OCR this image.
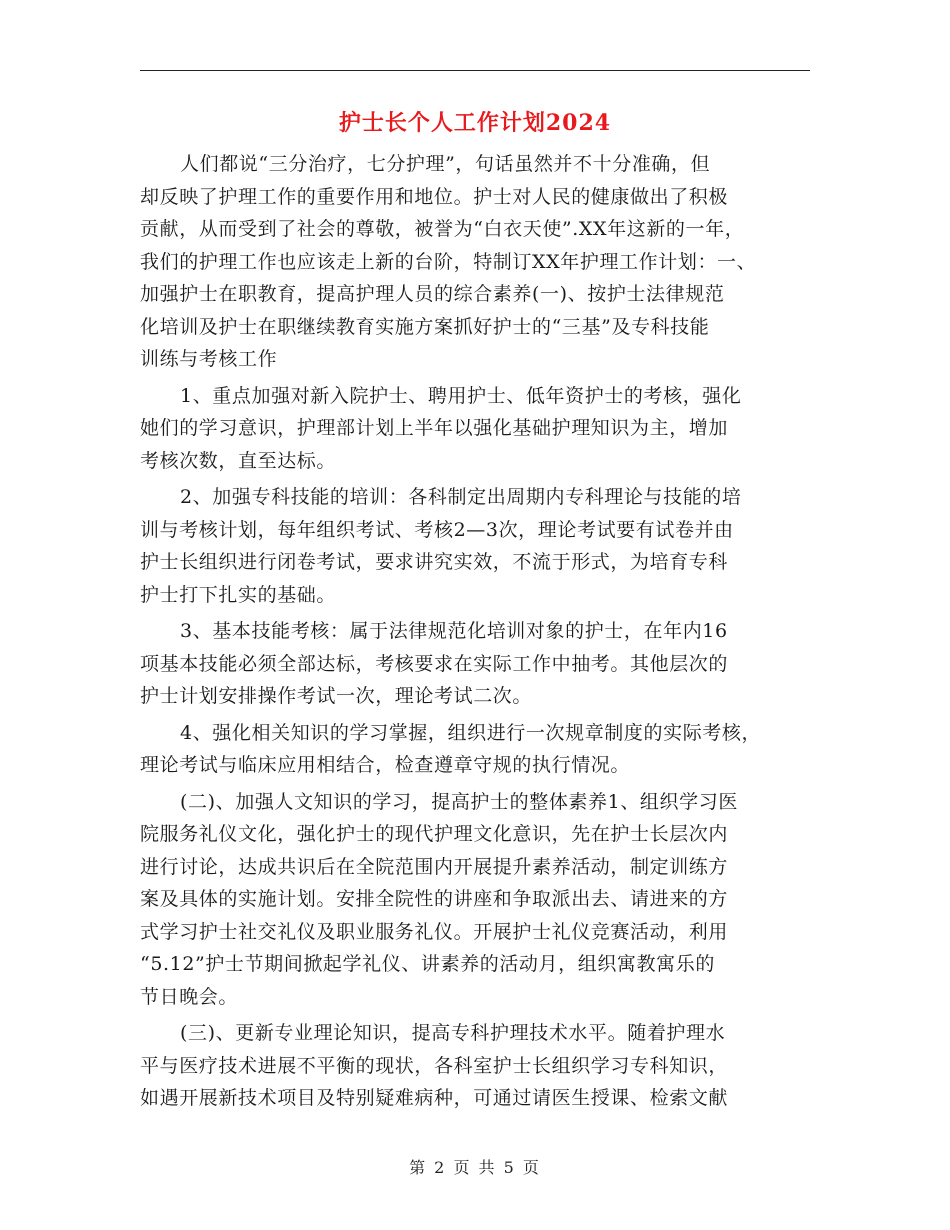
护士长个人工作计划2024
人们都说“三分治疗，七分护理”，句话虽然并不十分准确，但
却反映了护理工作的重要作用和地位。护士对人民的健康做出了积极
贡献，从而受到了社会的尊敬，被誉为“白衣天使”.XX年这新的一年，
我们的护理工作也应该走上新的台阶，特制订XX年护理工作计划：一、
加强护士在职教育，提高护理人员的综合素养(一)、按护士法律规范
化培训及护士在职继续教育实施方案抓好护士的“三基”及专科技能
训练与考核工作
1、重点加强对新入院护士、聘用护士、低年资护士的考核，强化
她们的学习意识，护理部计划上半年以强化基础护理知识为主，增加
考核次数，直至达标。
2、加强专科技能的培训：各科制定出周期内专科理论与技能的培
训与考核计划，每年组织考试、考核2—3次，理论考试要有试卷并由
护士长组织进行闭卷考试，要求讲究实效，不流于形式，为培育专科
护士打下扎实的基础。
3、基本技能考核：属于法律规范化培训对象的护士，在年内16
项基本技能必须全部达标，考核要求在实际工作中抽考。其他层次的
护士计划安排操作考试一次，理论考试二次。
4、强化相关知识的学习掌握，组织进行一次规章制度的实际考核，
理论考试与临床应用相结合，检查遵章守规的执行情况。
(二)、加强人文知识的学习，提高护士的整体素养1、组织学习医
院服务礼仪文化，强化护士的现代护理文化意识，先在护士长层次内
进行讨论，达成共识后在全院范围内开展提升素养活动，制定训练方
案及具体的实施计划。安排全院性的讲座和争取派出去、请进来的方
式学习护士社交礼仪及职业服务礼仪。开展护士礼仪竞赛活动，利用
“5.12”护士节期间掀起学礼仪、讲素养的活动月，组织寓教寓乐的
节日晚会。
(三)、更新专业理论知识，提高专科护理技术水平。随着护理水
平与医疗技术进展不平衡的现状，各科室护士长组织学习专科知识，
如遇开展新技术项目及特别疑难病种，可通过请医生授课、检索文献
第 2 页 共 5 页
